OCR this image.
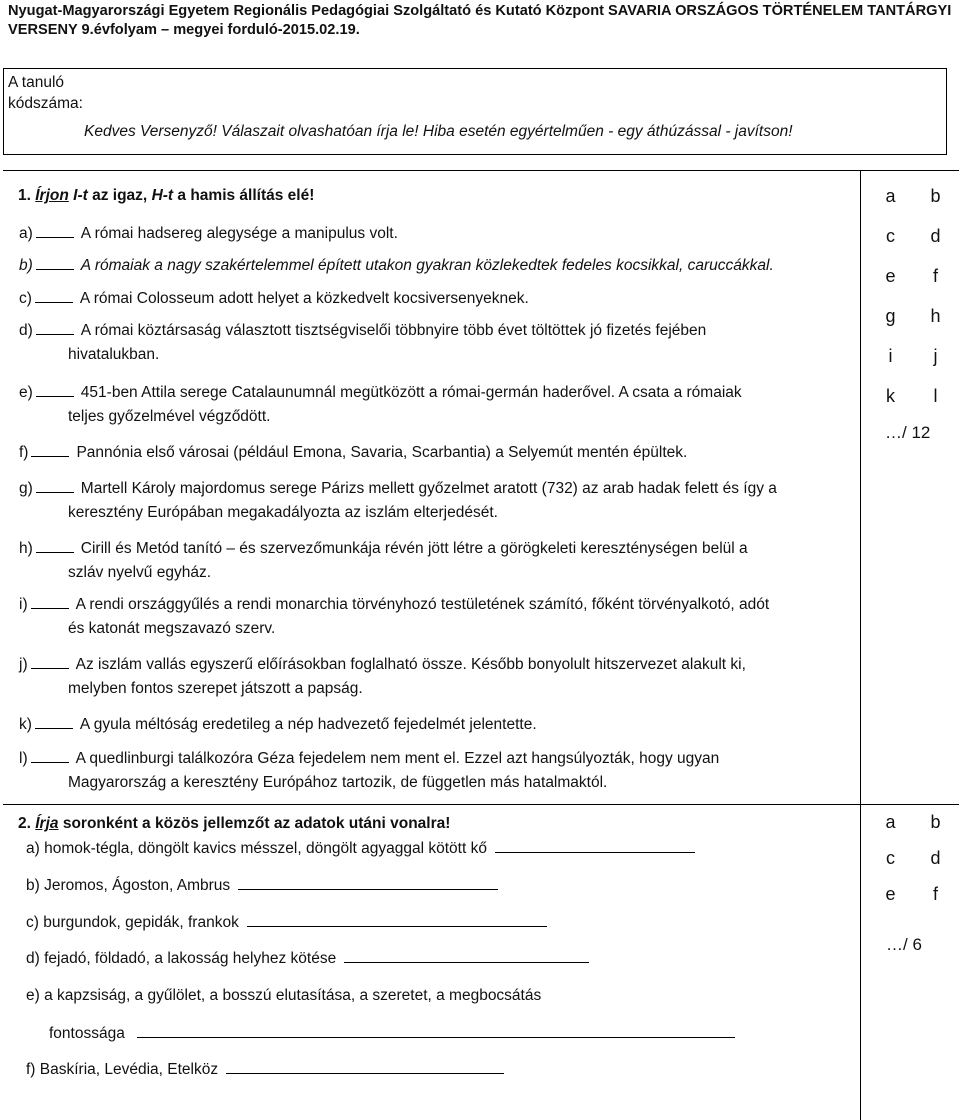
Nyugat-Magyarországi Egyetem Regionális Pedagógiai Szolgáltató és Kutató Központ SAVARIA ORSZÁGOS TÖRTÉNELEM TANTÁRGYI
VERSENY 9.évfolyam – megyei forduló-2015.02.19.
A tanuló
kódszáma:
Kedves Versenyző! Válaszait olvashatóan írja le! Hiba esetén egyértelműen - egy áthúzással - javítson!
1. Írjon I-t az igaz, H-t a hamis állítás elé!
a)	A római hadsereg alegysége a manipulus volt.
b)	A rómaiak a nagy szakértelemmel épített utakon gyakran közlekedtek fedeles kocsikkal, caruccákkal.
c)	A római Colosseum adott helyet a közkedvelt kocsiversenyeknek.
d)	A római köztársaság választott tisztségviselői többnyire több évet töltöttek jó fizetés fejében
hivatalukban.
e)	451-ben Attila serege Catalaunumnál megütközött a római-germán haderővel. A csata a rómaiak
teljes győzelmével végződött.
f)	Pannónia első városai (például Emona, Savaria, Scarbantia) a Selyemút mentén épültek.
g)	Martell Károly majordomus serege Párizs mellett győzelmet aratott (732) az arab hadak felett és így a
keresztény Európában megakadályozta az iszlám elterjedését.
h)	Cirill és Metód tanító – és szervezőmunkája révén jött létre a görögkeleti kereszténységen belül a
szláv nyelvű egyház.
i)	A rendi országgyűlés a rendi monarchia törvényhozó testületének számító, főként törvényalkotó, adót
és katonát megszavazó szerv.
j)	Az iszlám vallás egyszerű előírásokban foglalható össze. Később bonyolult hitszervezet alakult ki,
melyben fontos szerepet játszott a papság.
k)	A gyula méltóság eredetileg a nép hadvezető fejedelmét jelentette.
l)	A quedlinburgi találkozóra Géza fejedelem nem ment el. Ezzel azt hangsúlyozták, hogy ugyan
Magyarország a keresztény Európához tartozik, de független más hatalmaktól.
a	b
c	d
e	f
g	h
i	j
k	l
…/ 12
2. Írja soronként a közös jellemzőt az adatok utáni vonalra!
a) homok-tégla, döngölt kavics mésszel, döngölt agyaggal kötött kő
b) Jeromos, Ágoston, Ambrus
c) burgundok, gepidák, frankok
d) fejadó, földadó, a lakosság helyhez kötése
e) a kapzsiság, a gyűlölet, a bosszú elutasítása, a szeretet, a megbocsátás
fontossága
f) Baskíria, Levédia, Etelköz
a	b
c	d
e	f
…/ 6
